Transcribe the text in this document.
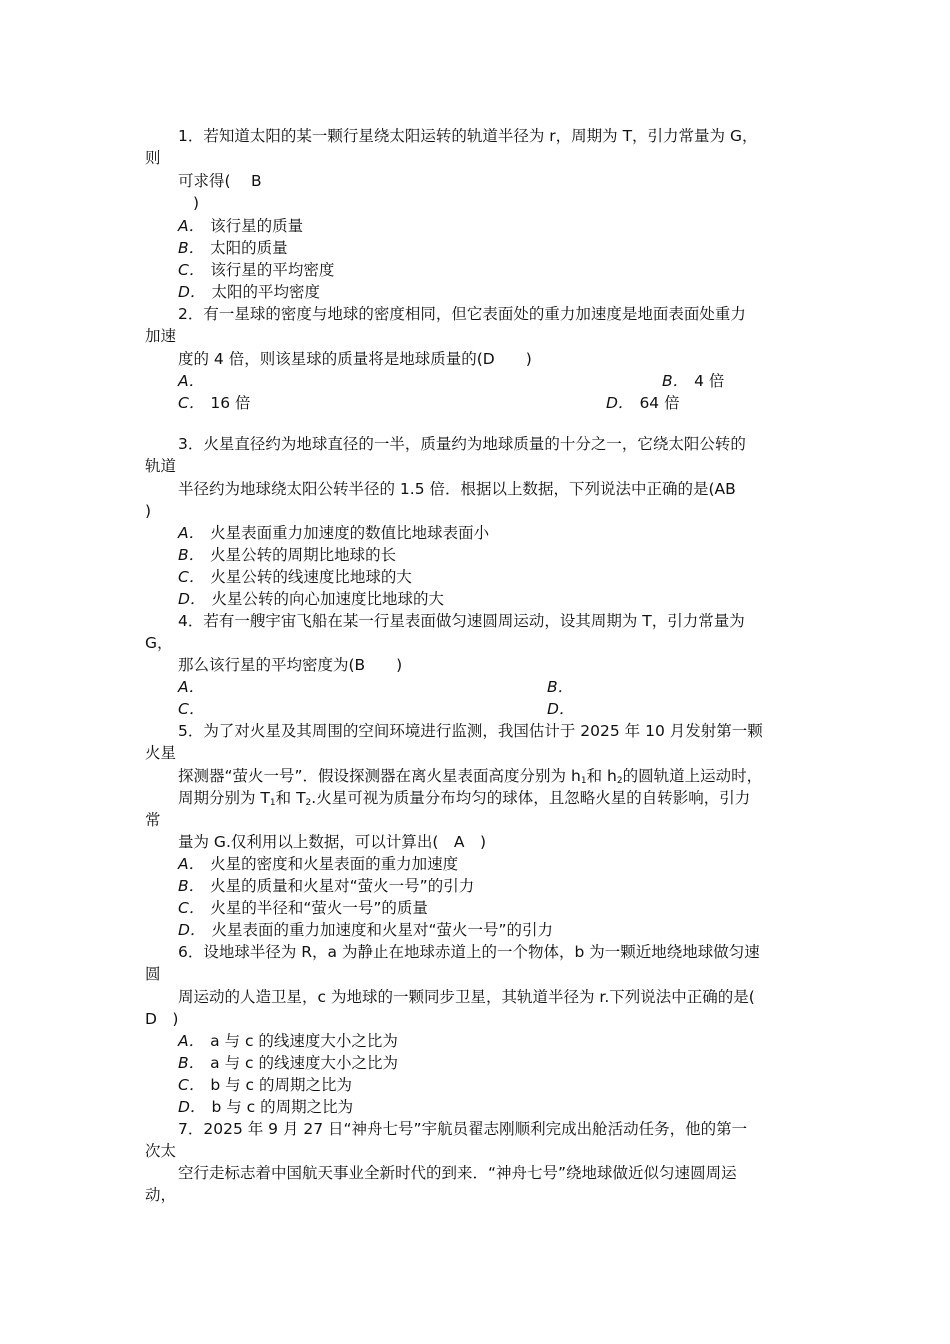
1．若知道太阳的某一颗行星绕太阳运转的轨道半径为 r，周期为 T，引力常量为 G，
则
可求得(　 B
)
A． 该行星的质量
B． 太阳的质量
C． 该行星的平均密度
D． 太阳的平均密度
2．有一星球的密度与地球的密度相同，但它表面处的重力加速度是地面表面处重力
加速
度的 4 倍，则该星球的质量将是地球质量的(D　　)
A．	B． 4 倍
C． 16 倍	D． 64 倍
3．火星直径约为地球直径的一半，质量约为地球质量的十分之一，它绕太阳公转的
轨道
半径约为地球绕太阳公转半径的 1.5 倍．根据以上数据，下列说法中正确的是(AB
)
A． 火星表面重力加速度的数值比地球表面小
B． 火星公转的周期比地球的长
C． 火星公转的线速度比地球的大
D． 火星公转的向心加速度比地球的大
4．若有一艘宇宙飞船在某一行星表面做匀速圆周运动，设其周期为 T，引力常量为
G，
那么该行星的平均密度为(B　　)
A．	B．
C．	D．
5．为了对火星及其周围的空间环境进行监测，我国估计于 2025 年 10 月发射第一颗
火星
探测器“萤火一号”．假设探测器在离火星表面高度分别为 $h_1$和 $h_2$的圆轨道上运动时，
周期分别为 $T_1$和 $T_2$.火星可视为质量分布均匀的球体，且忽略火星的自转影响，引力
常
量为 G.仅利用以上数据，可以计算出(　A　)
A． 火星的密度和火星表面的重力加速度
B． 火星的质量和火星对“萤火一号”的引力
C． 火星的半径和“萤火一号”的质量
D． 火星表面的重力加速度和火星对“萤火一号”的引力
6．设地球半径为 R，a 为静止在地球赤道上的一个物体，b 为一颗近地绕地球做匀速
圆
周运动的人造卫星，c 为地球的一颗同步卫星，其轨道半径为 r.下列说法中正确的是(
D　)
A． a 与 c 的线速度大小之比为
B． a 与 c 的线速度大小之比为
C． b 与 c 的周期之比为
D． b 与 c 的周期之比为
7．2025 年 9 月 27 日“神舟七号”宇航员翟志刚顺利完成出舱活动任务，他的第一
次太
空行走标志着中国航天事业全新时代的到来．“神舟七号”绕地球做近似匀速圆周运
动，
